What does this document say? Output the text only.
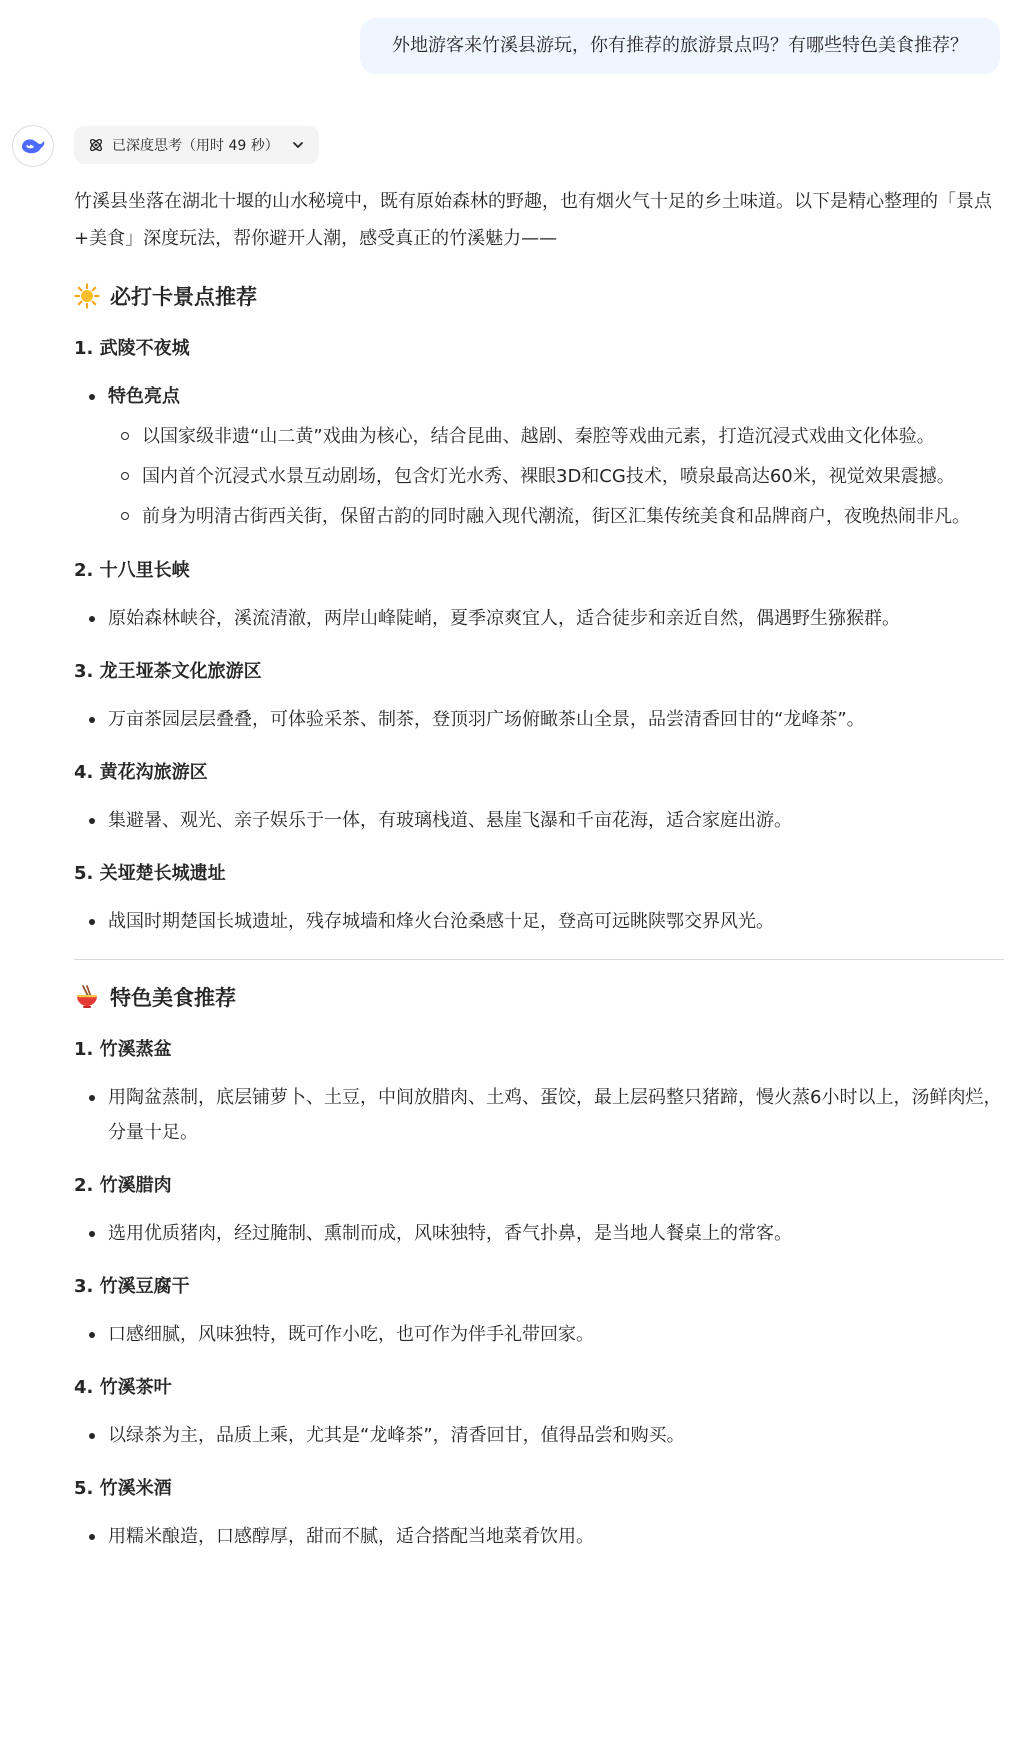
外地游客来竹溪县游玩，你有推荐的旅游景点吗？有哪些特色美食推荐？
已深度思考（用时 49 秒）

竹溪县坐落在湖北十堰的山水秘境中，既有原始森林的野趣，也有烟火气十足的乡土味道。以下是精心整理的「景点+美食」深度玩法，帮你避开人潮，感受真正的竹溪魅力——

必打卡景点推荐
1. 武陵不夜城
特色亮点
以国家级非遗“山二黄”戏曲为核心，结合昆曲、越剧、秦腔等戏曲元素，打造沉浸式戏曲文化体验。
国内首个沉浸式水景互动剧场，包含灯光水秀、裸眼3D和CG技术，喷泉最高达60米，视觉效果震撼。
前身为明清古街西关街，保留古韵的同时融入现代潮流，街区汇集传统美食和品牌商户，夜晚热闹非凡。
2. 十八里长峡
原始森林峡谷，溪流清澈，两岸山峰陡峭，夏季凉爽宜人，适合徒步和亲近自然，偶遇野生猕猴群。
3. 龙王垭茶文化旅游区
万亩茶园层层叠叠，可体验采茶、制茶，登顶羽广场俯瞰茶山全景，品尝清香回甘的“龙峰茶”。
4. 黄花沟旅游区
集避暑、观光、亲子娱乐于一体，有玻璃栈道、悬崖飞瀑和千亩花海，适合家庭出游。
5. 关垭楚长城遗址
战国时期楚国长城遗址，残存城墙和烽火台沧桑感十足，登高可远眺陕鄂交界风光。
特色美食推荐
1. 竹溪蒸盆
用陶盆蒸制，底层铺萝卜、土豆，中间放腊肉、土鸡、蛋饺，最上层码整只猪蹄，慢火蒸6小时以上，汤鲜肉烂，分量十足。
2. 竹溪腊肉
选用优质猪肉，经过腌制、熏制而成，风味独特，香气扑鼻，是当地人餐桌上的常客。
3. 竹溪豆腐干
口感细腻，风味独特，既可作小吃，也可作为伴手礼带回家。
4. 竹溪茶叶
以绿茶为主，品质上乘，尤其是“龙峰茶”，清香回甘，值得品尝和购买。
5. 竹溪米酒
用糯米酿造，口感醇厚，甜而不腻，适合搭配当地菜肴饮用。
